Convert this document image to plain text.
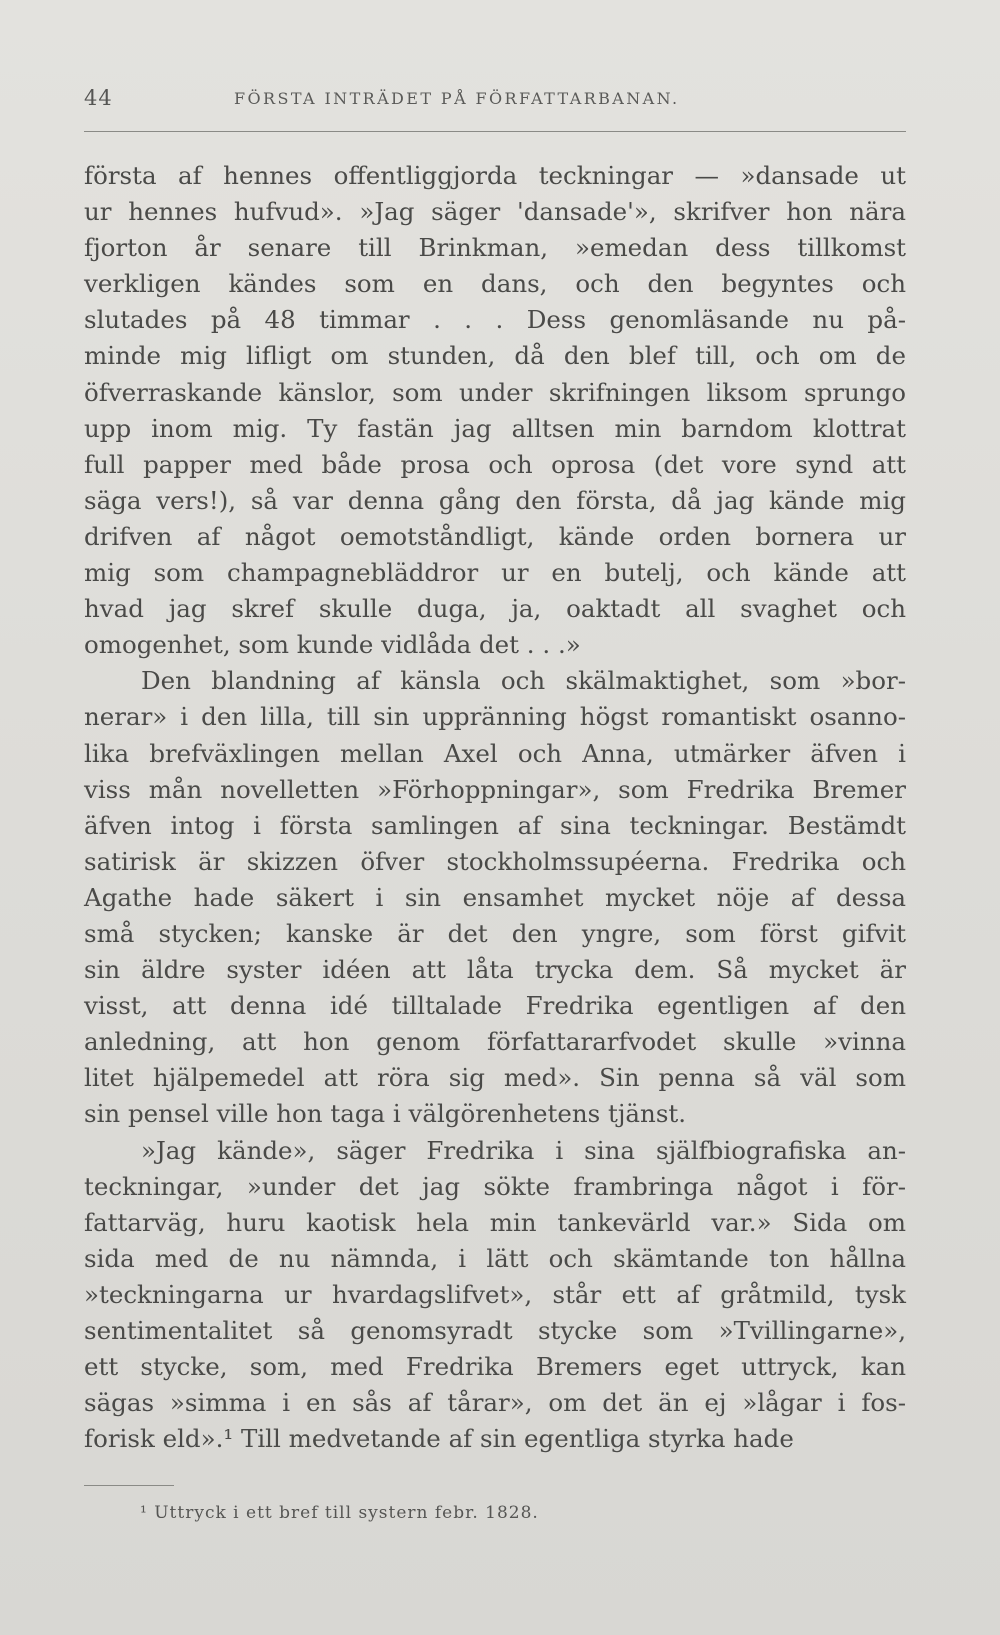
44	FÖRSTA INTRÄDET PÅ FÖRFATTARBANAN.
första af hennes offentliggjorda teckningar — »dansade ut
ur hennes hufvud». »Jag säger 'dansade'», skrifver hon nära
fjorton år senare till Brinkman, »emedan dess tillkomst
verkligen kändes som en dans, och den begyntes och
slutades på 48 timmar . . . Dess genomläsande nu på-
minde mig lifligt om stunden, då den blef till, och om de
öfverraskande känslor, som under skrifningen liksom sprungo
upp inom mig. Ty fastän jag alltsen min barndom klottrat
full papper med både prosa och oprosa (det vore synd att
säga vers!), så var denna gång den första, då jag kände mig
drifven af något oemotståndligt, kände orden bornera ur
mig som champagnebläddror ur en butelj, och kände att
hvad jag skref skulle duga, ja, oaktadt all svaghet och
omogenhet, som kunde vidlåda det . . .»
Den blandning af känsla och skälmaktighet, som »bor-
nerar» i den lilla, till sin uppränning högst romantiskt osanno-
lika brefväxlingen mellan Axel och Anna, utmärker äfven i
viss mån novelletten »Förhoppningar», som Fredrika Bremer
äfven intog i första samlingen af sina teckningar. Bestämdt
satirisk är skizzen öfver stockholmssupéerna. Fredrika och
Agathe hade säkert i sin ensamhet mycket nöje af dessa
små stycken; kanske är det den yngre, som först gifvit
sin äldre syster idéen att låta trycka dem. Så mycket är
visst, att denna idé tilltalade Fredrika egentligen af den
anledning, att hon genom författararfvodet skulle »vinna
litet hjälpemedel att röra sig med». Sin penna så väl som
sin pensel ville hon taga i välgörenhetens tjänst.
»Jag kände», säger Fredrika i sina själfbiografiska an-
teckningar, »under det jag sökte frambringa något i för-
fattarväg, huru kaotisk hela min tankevärld var.» Sida om
sida med de nu nämnda, i lätt och skämtande ton hållna
»teckningarna ur hvardagslifvet», står ett af gråtmild, tysk
sentimentalitet så genomsyradt stycke som »Tvillingarne»,
ett stycke, som, med Fredrika Bremers eget uttryck, kan
sägas »simma i en sås af tårar», om det än ej »lågar i fos-
forisk eld».¹ Till medvetande af sin egentliga styrka hade
¹ Uttryck i ett bref till systern febr. 1828.
